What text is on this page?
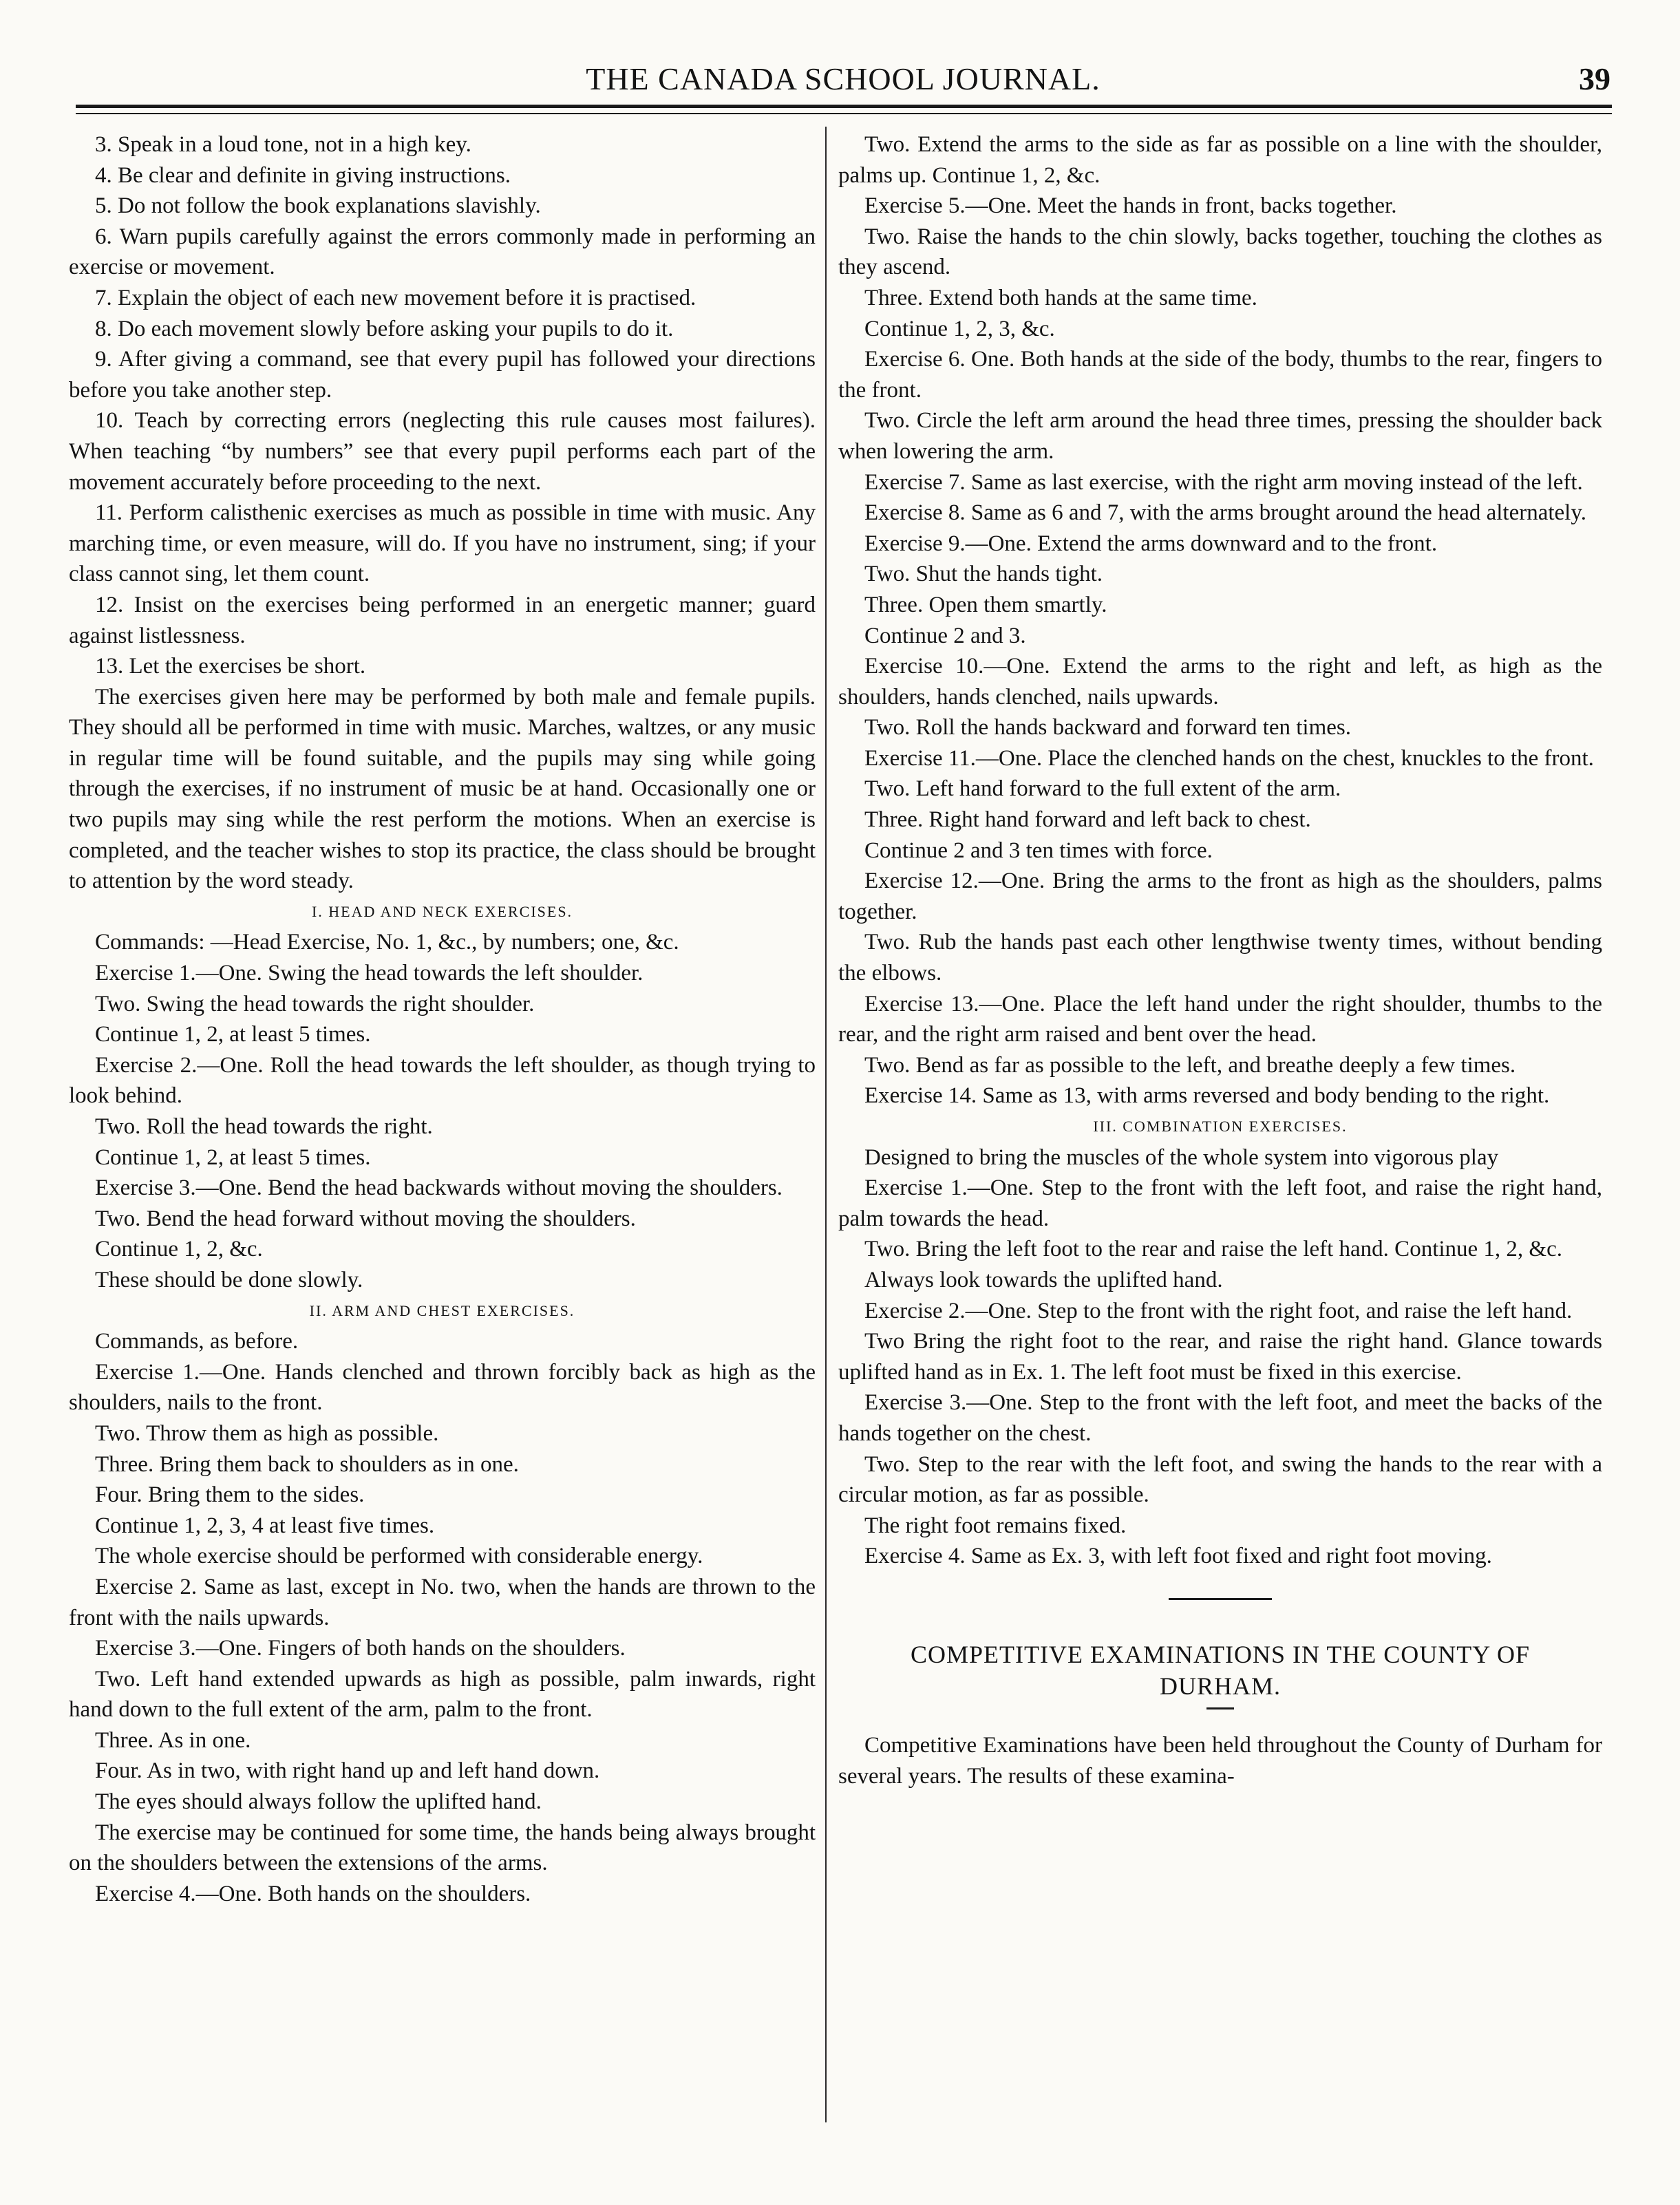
THE CANADA SCHOOL JOURNAL.	39

3. Speak in a loud tone, not in a high key.

4. Be clear and definite in giving instructions.

5. Do not follow the book explanations slavishly.

6. Warn pupils carefully against the errors commonly made in performing an exercise or movement.

7. Explain the object of each new movement before it is practised.

8. Do each movement slowly before asking your pupils to do it.

9. After giving a command, see that every pupil has followed your directions before you take another step.

10. Teach by correcting errors (neglecting this rule causes most failures). When teaching “by numbers” see that every pupil performs each part of the movement accurately before proceeding to the next.

11. Perform calisthenic exercises as much as possible in time with music. Any marching time, or even measure, will do. If you have no instrument, sing; if your class cannot sing, let them count.

12. Insist on the exercises being performed in an energetic manner; guard against listlessness.

13. Let the exercises be short.

The exercises given here may be performed by both male and female pupils. They should all be performed in time with music. Marches, waltzes, or any music in regular time will be found suitable, and the pupils may sing while going through the exercises, if no instrument of music be at hand. Occasionally one or two pupils may sing while the rest perform the motions. When an exercise is completed, and the teacher wishes to stop its practice, the class should be brought to attention by the word steady.

I. HEAD AND NECK EXERCISES.

Commands: —Head Exercise, No. 1, &c., by numbers; one, &c.

Exercise 1.—One. Swing the head towards the left shoulder.

Two. Swing the head towards the right shoulder.

Continue 1, 2, at least 5 times.

Exercise 2.—One. Roll the head towards the left shoulder, as though trying to look behind.

Two. Roll the head towards the right.

Continue 1, 2, at least 5 times.

Exercise 3.—One. Bend the head backwards without moving the shoulders.

Two. Bend the head forward without moving the shoulders.

Continue 1, 2, &c.

These should be done slowly.

II. ARM AND CHEST EXERCISES.

Commands, as before.

Exercise 1.—One. Hands clenched and thrown forcibly back as high as the shoulders, nails to the front.

Two. Throw them as high as possible.

Three. Bring them back to shoulders as in one.

Four. Bring them to the sides.

Continue 1, 2, 3, 4 at least five times.

The whole exercise should be performed with considerable energy.

Exercise 2. Same as last, except in No. two, when the hands are thrown to the front with the nails upwards.

Exercise 3.—One. Fingers of both hands on the shoulders.

Two. Left hand extended upwards as high as possible, palm inwards, right hand down to the full extent of the arm, palm to the front.

Three. As in one.

Four. As in two, with right hand up and left hand down.

The eyes should always follow the uplifted hand.

The exercise may be continued for some time, the hands being always brought on the shoulders between the extensions of the arms.

Exercise 4.—One. Both hands on the shoulders.

Two. Extend the arms to the side as far as possible on a line with the shoulder, palms up. Continue 1, 2, &c.

Exercise 5.—One. Meet the hands in front, backs together.

Two. Raise the hands to the chin slowly, backs together, touching the clothes as they ascend.

Three. Extend both hands at the same time.

Continue 1, 2, 3, &c.

Exercise 6. One. Both hands at the side of the body, thumbs to the rear, fingers to the front.

Two. Circle the left arm around the head three times, pressing the shoulder back when lowering the arm.

Exercise 7. Same as last exercise, with the right arm moving instead of the left.

Exercise 8. Same as 6 and 7, with the arms brought around the head alternately.

Exercise 9.—One. Extend the arms downward and to the front.

Two. Shut the hands tight.

Three. Open them smartly.

Continue 2 and 3.

Exercise 10.—One. Extend the arms to the right and left, as high as the shoulders, hands clenched, nails upwards.

Two. Roll the hands backward and forward ten times.

Exercise 11.—One. Place the clenched hands on the chest, knuckles to the front.

Two. Left hand forward to the full extent of the arm.

Three. Right hand forward and left back to chest.

Continue 2 and 3 ten times with force.

Exercise 12.—One. Bring the arms to the front as high as the shoulders, palms together.

Two. Rub the hands past each other lengthwise twenty times, without bending the elbows.

Exercise 13.—One. Place the left hand under the right shoulder, thumbs to the rear, and the right arm raised and bent over the head.

Two. Bend as far as possible to the left, and breathe deeply a few times.

Exercise 14. Same as 13, with arms reversed and body bending to the right.

III. COMBINATION EXERCISES.

Designed to bring the muscles of the whole system into vigorous play

Exercise 1.—One. Step to the front with the left foot, and raise the right hand, palm towards the head.

Two. Bring the left foot to the rear and raise the left hand. Continue 1, 2, &c.

Always look towards the uplifted hand.

Exercise 2.—One. Step to the front with the right foot, and raise the left hand.

Two Bring the right foot to the rear, and raise the right hand. Glance towards uplifted hand as in Ex. 1. The left foot must be fixed in this exercise.

Exercise 3.—One. Step to the front with the left foot, and meet the backs of the hands together on the chest.

Two. Step to the rear with the left foot, and swing the hands to the rear with a circular motion, as far as possible.

The right foot remains fixed.

Exercise 4. Same as Ex. 3, with left foot fixed and right foot moving.

COMPETITIVE EXAMINATIONS IN THE COUNTY OF DURHAM.

Competitive Examinations have been held throughout the County of Durham for several years. The results of these examina-
